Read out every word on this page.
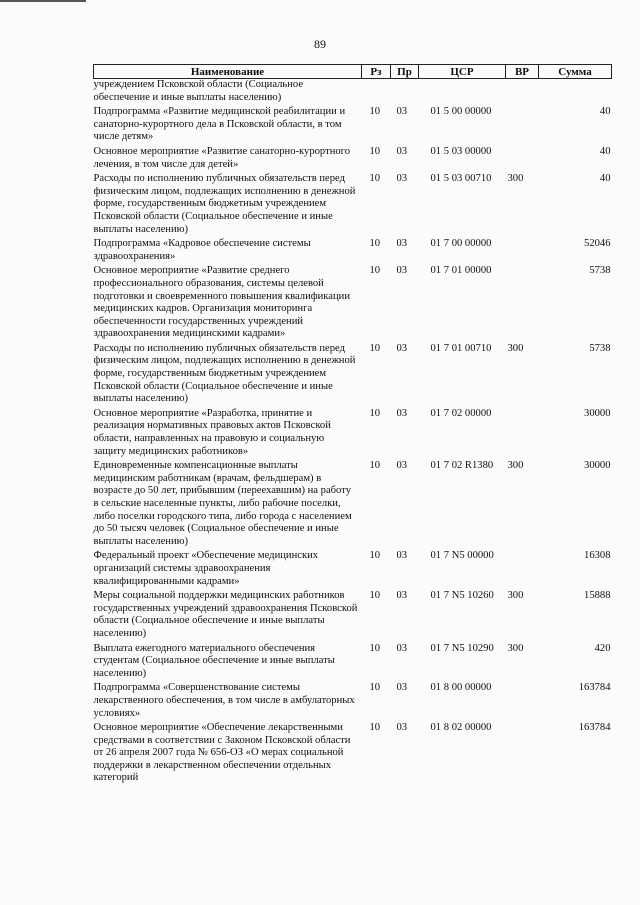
89
Наименование	Рз	Пр	ЦСР	ВР	Сумма
учреждением Псковской области (Социальное обеспечение и иные выплаты населению)					
Подпрограмма «Развитие медицинской реабилитации и санаторно-курортного дела в Псковской области, в том числе детям»	10	03	01 5 00 00000		40
Основное мероприятие «Развитие санаторно-курортного лечения, в том числе для детей»	10	03	01 5 03 00000		40
Расходы по исполнению публичных обязательств перед физическим лицом, подлежащих исполнению в денежной форме, государственным бюджетным учреждением Псковской области (Социальное обеспечение и иные выплаты населению)	10	03	01 5 03 00710	300	40
Подпрограмма «Кадровое обеспечение системы здравоохранения»	10	03	01 7 00 00000		52046
Основное мероприятие «Развитие среднего профессионального образования, системы целевой подготовки и своевременного повышения квалификации медицинских кадров. Организация мониторинга обеспеченности государственных учреждений здравоохранения медицинскими кадрами»	10	03	01 7 01 00000		5738
Расходы по исполнению публичных обязательств перед физическим лицом, подлежащих исполнению в денежной форме, государственным бюджетным учреждением Псковской области (Социальное обеспечение и иные выплаты населению)	10	03	01 7 01 00710	300	5738
Основное мероприятие «Разработка, принятие и реализация нормативных правовых актов Псковской области, направленных на правовую и социальную защиту медицинских работников»	10	03	01 7 02 00000		30000
Единовременные компенсационные выплаты медицинским работникам (врачам, фельдшерам) в возрасте до 50 лет, прибывшим (переехавшим) на работу в сельские населенные пункты, либо рабочие поселки, либо поселки городского типа, либо города с населением до 50 тысяч человек (Социальное обеспечение и иные выплаты населению)	10	03	01 7 02 R1380	300	30000
Федеральный проект «Обеспечение медицинских организаций системы здравоохранения квалифицированными кадрами»	10	03	01 7 N5 00000		16308
Меры социальной поддержки медицинских работников государственных учреждений здравоохранения Псковской области (Социальное обеспечение и иные выплаты населению)	10	03	01 7 N5 10260	300	15888
Выплата ежегодного материального обеспечения студентам (Социальное обеспечение и иные выплаты населению)	10	03	01 7 N5 10290	300	420
Подпрограмма «Совершенствование системы лекарственного обеспечения, в том числе в амбулаторных условиях»	10	03	01 8 00 00000		163784
Основное мероприятие «Обеспечение лекарственными средствами в соответствии с Законом Псковской области от 26 апреля 2007 года № 656-ОЗ «О мерах социальной поддержки в лекарственном обеспечении отдельных категорий	10	03	01 8 02 00000		163784
